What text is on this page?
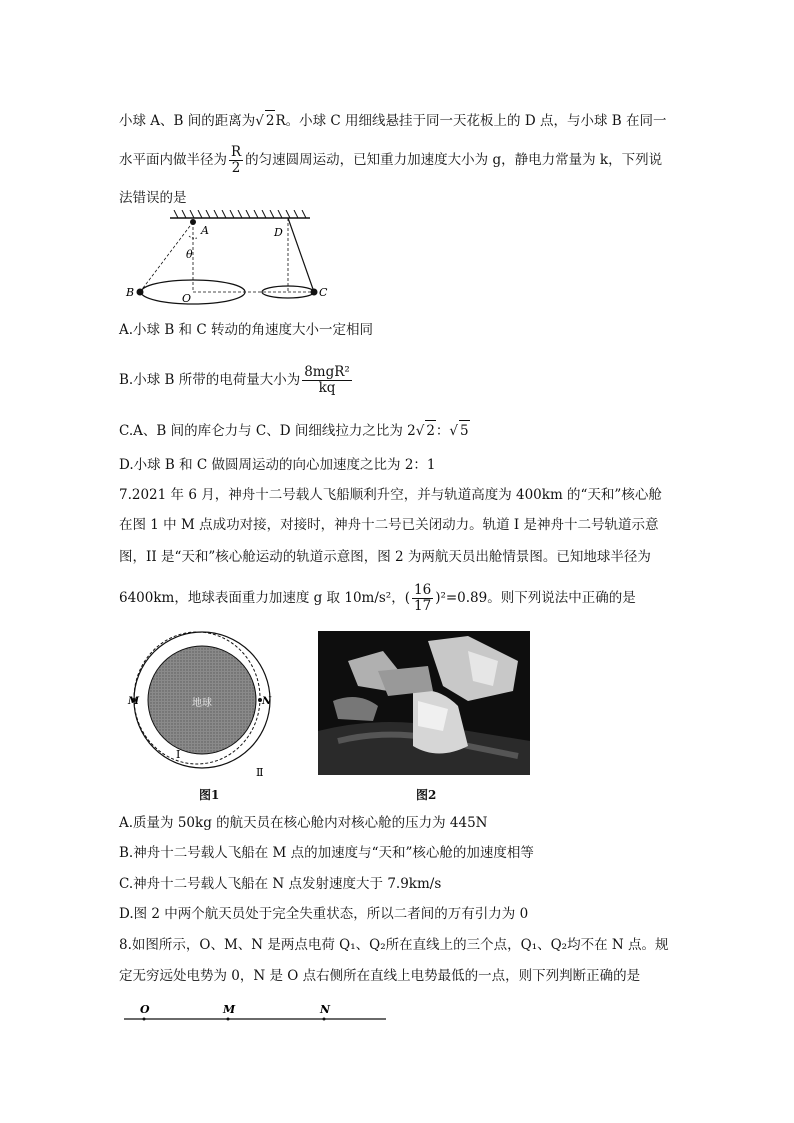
小球 A、B 间的距离为√ 2R。小球 C 用细线悬挂于同一天花板上的 D 点，与小球 B 在同一
水平面内做半径为 $\frac{R}{2}$ 的匀速圆周运动，已知重力加速度大小为 g，静电力常量为 k，下列说
法错误的是
A	D
θ
B	O	C
A.小球 B 和 C 转动的角速度大小一定相同
B.小球 B 所带的电荷量大小为 $\frac{\text{8mgR²}}{kq}$
C.A、B 间的库仑力与 C、D 间细线拉力之比为 2√ 2：√ 5
D.小球 B 和 C 做圆周运动的向心加速度之比为 2：1
7.2021 年 6 月，神舟十二号载人飞船顺利升空，并与轨道高度为 400km 的“天和”核心舱
在图 1 中 M 点成功对接，对接时，神舟十二号已关闭动力。轨道 I 是神舟十二号轨道示意
图，II 是“天和”核心舱运动的轨道示意图，图 2 为两航天员出舱情景图。已知地球半径为
6400km，地球表面重力加速度 g 取 10m/s²，( $\frac{16}{17} )^2=0.89$。则下列说法中正确的是
M	N
地球
I
Ⅱ
图1	图2
A.质量为 50kg 的航天员在核心舱内对核心舱的压力为 445N
B.神舟十二号载人飞船在 M 点的加速度与“天和”核心舱的加速度相等
C.神舟十二号载人飞船在 N 点发射速度大于 7.9km/s
D.图 2 中两个航天员处于完全失重状态，所以二者间的万有引力为 0
8.如图所示，O、M、N 是两点电荷 Q₁、Q₂所在直线上的三个点，Q₁、Q₂均不在 N 点。规
定无穷远处电势为 0，N 是 O 点右侧所在直线上电势最低的一点，则下列判断正确的是
O	M	N
